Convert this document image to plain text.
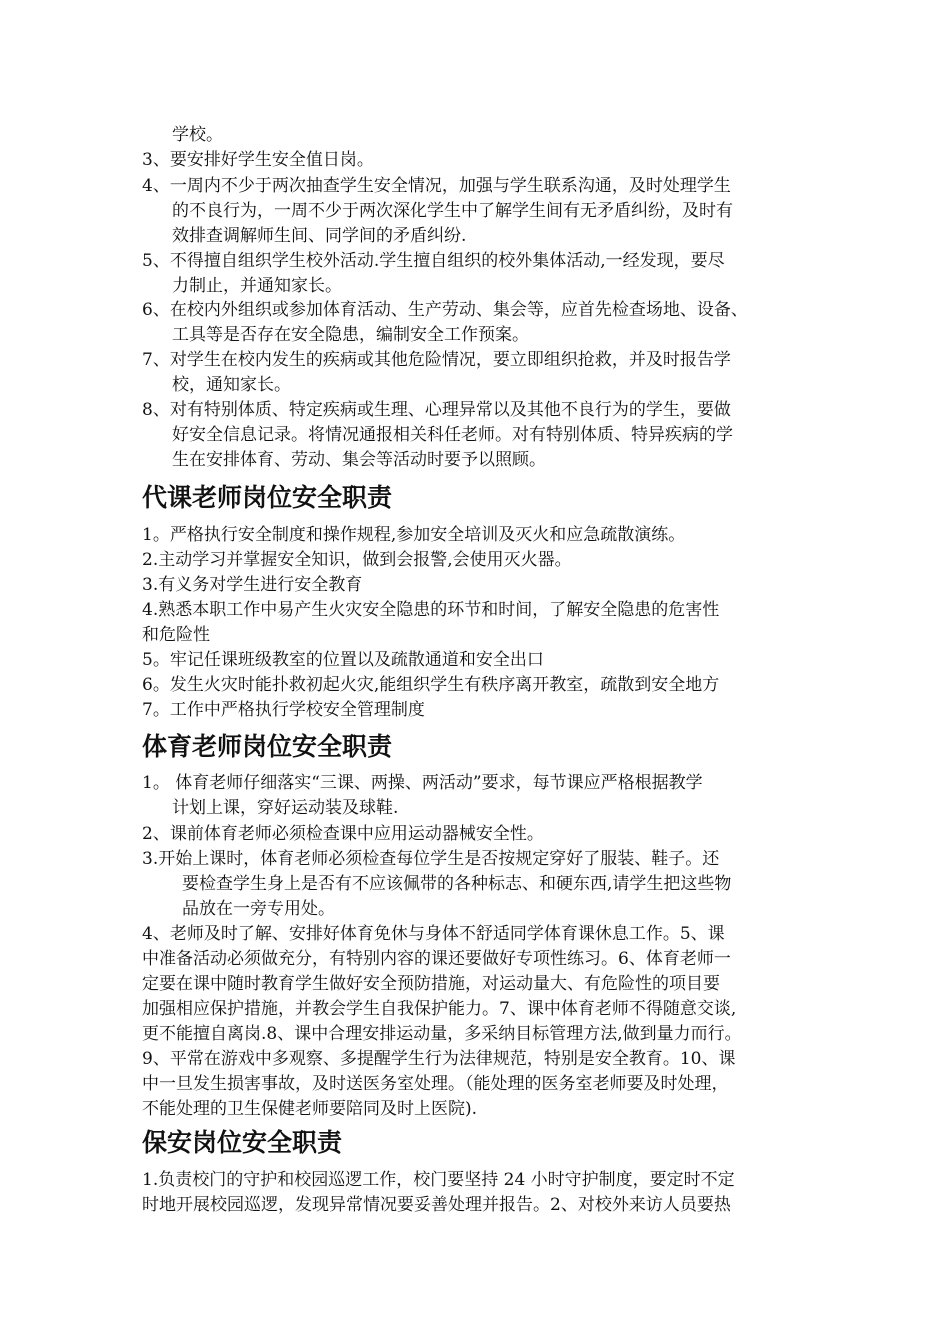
学校。
3、要安排好学生安全值日岗。
4、一周内不少于两次抽查学生安全情况，加强与学生联系沟通，及时处理学生
的不良行为，一周不少于两次深化学生中了解学生间有无矛盾纠纷，及时有
效排查调解师生间、同学间的矛盾纠纷.
5、不得擅自组织学生校外活动.学生擅自组织的校外集体活动,一经发现，要尽
力制止，并通知家长。
6、在校内外组织或参加体育活动、生产劳动、集会等，应首先检查场地、设备、
工具等是否存在安全隐患，编制安全工作预案。
7、对学生在校内发生的疾病或其他危险情况，要立即组织抢救，并及时报告学
校，通知家长。
8、对有特别体质、特定疾病或生理、心理异常以及其他不良行为的学生，要做
好安全信息记录。将情况通报相关科任老师。对有特别体质、特异疾病的学
生在安排体育、劳动、集会等活动时要予以照顾。
代课老师岗位安全职责
1。严格执行安全制度和操作规程,参加安全培训及灭火和应急疏散演练。
2.主动学习并掌握安全知识，做到会报警,会使用灭火器。
3.有义务对学生进行安全教育
4.熟悉本职工作中易产生火灾安全隐患的环节和时间，了解安全隐患的危害性
和危险性
5。牢记任课班级教室的位置以及疏散通道和安全出口
6。发生火灾时能扑救初起火灾,能组织学生有秩序离开教室，疏散到安全地方
7。工作中严格执行学校安全管理制度
体育老师岗位安全职责
1。 体育老师仔细落实“三课、两操、两活动”要求，每节课应严格根据教学
计划上课，穿好运动装及球鞋.
2、课前体育老师必须检查课中应用运动器械安全性。
3.开始上课时，体育老师必须检查每位学生是否按规定穿好了服装、鞋子。还
要检查学生身上是否有不应该佩带的各种标志、和硬东西,请学生把这些物
品放在一旁专用处。
4、老师及时了解、安排好体育免休与身体不舒适同学体育课休息工作。5、课
中准备活动必须做充分，有特别内容的课还要做好专项性练习。6、体育老师一
定要在课中随时教育学生做好安全预防措施，对运动量大、有危险性的项目要
加强相应保护措施，并教会学生自我保护能力。7、课中体育老师不得随意交谈,
更不能擅自离岗.8、课中合理安排运动量，多采纳目标管理方法,做到量力而行。
9、平常在游戏中多观察、多提醒学生行为法律规范，特别是安全教育。10、课
中一旦发生损害事故，及时送医务室处理。（能处理的医务室老师要及时处理，
不能处理的卫生保健老师要陪同及时上医院).
保安岗位安全职责
1.负责校门的守护和校园巡逻工作，校门要坚持 24 小时守护制度，要定时不定
时地开展校园巡逻，发现异常情况要妥善处理并报告。2、对校外来访人员要热
